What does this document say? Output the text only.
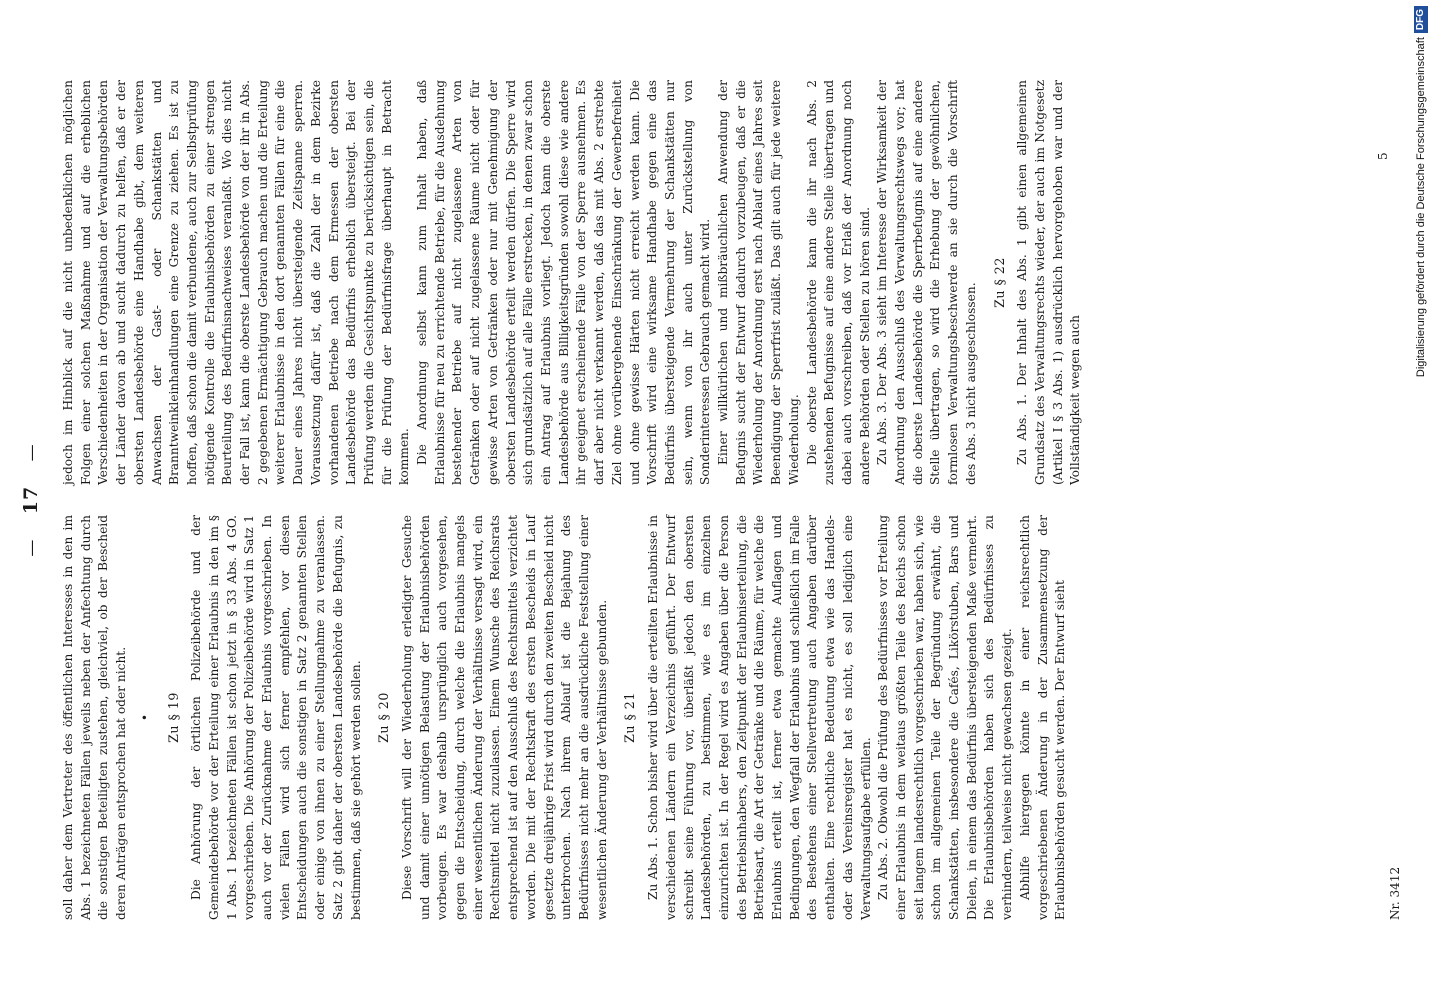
— 17 —

soll daher dem Vertreter des öffentlichen Interesses in den im Abs. 1 bezeichneten Fällen jeweils neben der Anfechtung durch die sonstigen Beteiligten zustehen, gleichviel, ob der Bescheid deren Anträgen entsprochen hat oder nicht. • Zu § 19 Die Anhörung der örtlichen Polizeibehörde und der Gemeindebehörde vor der Erteilung einer Erlaubnis in den im § 1 Abs. 1 bezeichneten Fällen ist schon jetzt in § 33 Abs. 4 GO. vorgeschrieben. Die Anhörung der Polizeibehörde wird in Satz 1 auch vor der Zurücknahme der Erlaubnis vorgeschrieben. In vielen Fällen wird sich ferner empfehlen, vor diesen Entscheidungen auch die sonstigen in Satz 2 genannten Stellen oder einige von ihnen zu einer Stellungnahme zu veranlassen. Satz 2 gibt daher der obersten Landesbehörde die Befugnis, zu bestimmen, daß sie gehört werden sollen. Zu § 20 Diese Vorschrift will der Wiederholung erledigter Gesuche und damit einer unnötigen Belastung der Erlaubnisbehörden vorbeugen. Es war deshalb ursprünglich auch vorgesehen, gegen die Entscheidung, durch welche die Erlaubnis mangels einer wesentlichen Änderung der Verhältnisse versagt wird, ein Rechtsmittel nicht zuzulassen. Einem Wunsche des Reichsrats entsprechend ist auf den Ausschluß des Rechtsmittels verzichtet worden. Die mit der Rechtskraft des ersten Bescheids in Lauf gesetzte dreijährige Frist wird durch den zweiten Bescheid nicht unterbrochen. Nach ihrem Ablauf ist die Bejahung des Bedürfnisses nicht mehr an die ausdrückliche Feststellung einer wesentlichen Änderung der Verhältnisse gebunden. Zu § 21 Zu Abs. 1. Schon bisher wird über die erteilten Erlaubnisse in verschiedenen Ländern ein Verzeichnis geführt. Der Entwurf schreibt seine Führung vor, überläßt jedoch den obersten Landesbehörden, zu bestimmen, wie es im einzelnen einzurichten ist. In der Regel wird es Angaben über die Person des Betriebsinhabers, den Zeitpunkt der Erlaubniserteilung, die Betriebsart, die Art der Getränke und die Räume, für welche die Erlaubnis erteilt ist, ferner etwa gemachte Auflagen und Bedingungen, den Wegfall der Erlaubnis und schließlich im Falle des Bestehens einer Stellvertretung auch Angaben darüber enthalten. Eine rechtliche Bedeutung etwa wie das Handels- oder das Vereinsregister hat es nicht, es soll lediglich eine Verwaltungsaufgabe erfüllen. Zu Abs. 2. Obwohl die Prüfung des Bedürfnisses vor Erteilung einer Erlaubnis in dem weitaus größten Teile des Reichs schon seit langem landesrechtlich vorgeschrieben war, haben sich, wie schon im allgemeinen Teile der Begründung erwähnt, die Schankstätten, insbesondere die Cafés, Likörstuben, Bars und Dielen, in einem das Bedürfnis übersteigenden Maße vermehrt. Die Erlaubnisbehörden haben sich des Bedürfnisses zu verhindern, teilweise nicht gewachsen gezeigt. Abhilfe hiergegen könnte in einer reichsrechtlich vorgeschriebenen Änderung in der Zusammensetzung der Erlaubnisbehörden gesucht werden. Der Entwurf sieht

jedoch im Hinblick auf die nicht unbedenklichen möglichen Folgen einer solchen Maßnahme und auf die erheblichen Verschiedenheiten in der Organisation der Verwaltungsbehörden der Länder davon ab und sucht dadurch zu helfen, daß er der obersten Landesbehörde eine Handhabe gibt, dem weiteren Anwachsen der Gast- oder Schankstätten und Branntweinkleinhandlungen eine Grenze zu ziehen. Es ist zu hoffen, daß schon die damit verbundene, auch zur Selbstprüfung nötigende Kontrolle die Erlaubnisbehörden zu einer strengen Beurteilung des Bedürfnisnachweises veranlaßt. Wo dies nicht der Fall ist, kann die oberste Landesbehörde von der ihr in Abs. 2 gegebenen Ermächtigung Gebrauch machen und die Erteilung weiterer Erlaubnisse in den dort genannten Fällen für eine die Dauer eines Jahres nicht übersteigende Zeitspanne sperren. Voraussetzung dafür ist, daß die Zahl der in dem Bezirke vorhandenen Betriebe nach dem Ermessen der obersten Landesbehörde das Bedürfnis erheblich übersteigt. Bei der Prüfung werden die Gesichtspunkte zu berücksichtigen sein, die für die Prüfung der Bedürfnisfrage überhaupt in Betracht kommen. Die Anordnung selbst kann zum Inhalt haben, daß Erlaubnisse für neu zu errichtende Betriebe, für die Ausdehnung bestehender Betriebe auf nicht zugelassene Arten von Getränken oder auf nicht zugelassene Räume nicht oder für gewisse Arten von Getränken oder nur mit Genehmigung der obersten Landesbehörde erteilt werden dürfen. Die Sperre wird sich grundsätzlich auf alle Fälle erstrecken, in denen zwar schon ein Antrag auf Erlaubnis vorliegt. Jedoch kann die oberste Landesbehörde aus Billigkeitsgründen sowohl diese wie andere ihr geeignet erscheinende Fälle von der Sperre ausnehmen. Es darf aber nicht verkannt werden, daß das mit Abs. 2 erstrebte Ziel ohne vorübergehende Einschränkung der Gewerbefreiheit und ohne gewisse Härten nicht erreicht werden kann. Die Vorschrift wird eine wirksame Handhabe gegen eine das Bedürfnis übersteigende Vermehrung der Schankstätten nur sein, wenn von ihr auch unter Zurückstellung von Sonderinteressen Gebrauch gemacht wird. Einer willkürlichen und mißbräuchlichen Anwendung der Befugnis sucht der Entwurf dadurch vorzubeugen, daß er die Wiederholung der Anordnung erst nach Ablauf eines Jahres seit Beendigung der Sperrfrist zuläßt. Das gilt auch für jede weitere Wiederholung. Die oberste Landesbehörde kann die ihr nach Abs. 2 zustehenden Befugnisse auf eine andere Stelle übertragen und dabei auch vorschreiben, daß vor Erlaß der Anordnung noch andere Behörden oder Stellen zu hören sind. Zu Abs. 3. Der Abs. 3 sieht im Interesse der Wirksamkeit der Anordnung den Ausschluß des Verwaltungsrechtswegs vor; hat die oberste Landesbehörde die Sperrbefugnis auf eine andere Stelle übertragen, so wird die Erhebung der gewöhnlichen, formlosen Verwaltungsbeschwerde an sie durch die Vorschrift des Abs. 3 nicht ausgeschlossen. Zu § 22 Zu Abs. 1. Der Inhalt des Abs. 1 gibt einen allgemeinen Grundsatz des Verwaltungsrechts wieder, der auch im Notgesetz (Artikel I § 3 Abs. 1) ausdrücklich hervorgehoben war und der Vollständigkeit wegen auch

Nr. 3412
5	Digitalisierung gefördert durch die Deutsche ForschungsgemeinschaftDFG
